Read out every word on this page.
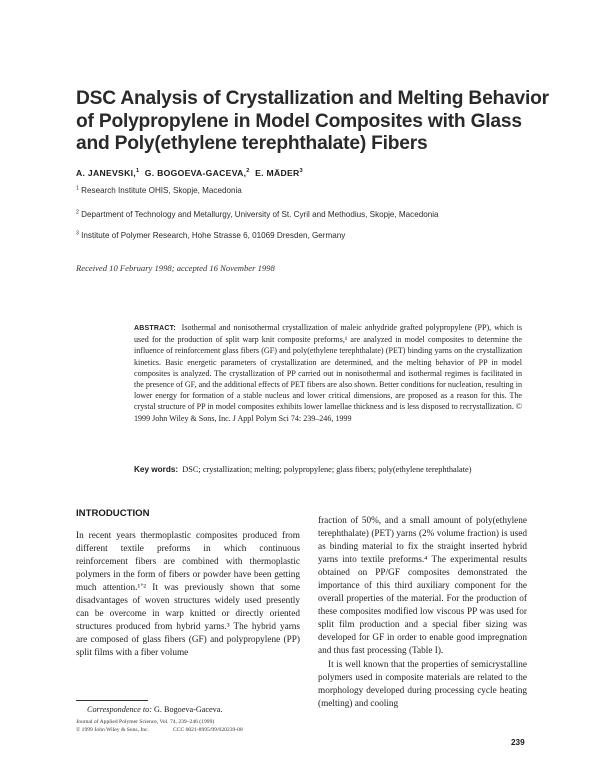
DSC Analysis of Crystallization and Melting Behavior of Polypropylene in Model Composites with Glass and Poly(ethylene terephthalate) Fibers
A. JANEVSKI,$^1$ G. BOGOEVA-GACEVA,$^2$ E. MÄDER$^3$
$^1$ Research Institute OHIS, Skopje, Macedonia
$^2$ Department of Technology and Metallurgy, University of St. Cyril and Methodius, Skopje, Macedonia
$^3$ Institute of Polymer Research, Hohe Strasse 6, 01069 Dresden, Germany
Received 10 February 1998; accepted 16 November 1998
ABSTRACT: Isothermal and nonisothermal crystallization of maleic anhydride grafted polypropylene (PP), which is used for the production of split warp knit composite preforms,¹ are analyzed in model composites to determine the influence of reinforcement glass fibers (GF) and poly(ethylene terephthalate) (PET) binding yarns on the crystallization kinetics. Basic energetic parameters of crystallization are determined, and the melting behavior of PP in model composites is analyzed. The crystallization of PP carried out in nonisothermal and isothermal regimes is facilitated in the presence of GF, and the additional effects of PET fibers are also shown. Better conditions for nucleation, resulting in lower energy for formation of a stable nucleus and lower critical dimensions, are proposed as a reason for this. The crystal structure of PP in model composites exhibits lower lamellae thickness and is less disposed to recrystallization. © 1999 John Wiley & Sons, Inc. J Appl Polym Sci 74: 239–246, 1999
Key words: DSC; crystallization; melting; polypropylene; glass fibers; poly(ethylene terephthalate)
INTRODUCTION
In recent years thermoplastic composites produced from different textile preforms in which continuous reinforcement fibers are combined with thermoplastic polymers in the form of fibers or powder have been getting much attention.¹ʼ² It was previously shown that some disadvantages of woven structures widely used presently can be overcome in warp knitted or directly oriented structures produced from hybrid yarns.³ The hybrid yarns are composed of glass fibers (GF) and polypropylene (PP) split films with a fiber volume

fraction of 50%, and a small amount of poly(ethylene terephthalate) (PET) yarns (2% volume fraction) is used as binding material to fix the straight inserted hybrid yarns into textile preforms.⁴ The experimental results obtained on PP/GF composites demonstrated the importance of this third auxiliary component for the overall properties of the material. For the production of these composites modified low viscous PP was used for split film production and a special fiber sizing was developed for GF in order to enable good impregnation and thus fast processing (Table I).

It is well known that the properties of semicrystalline polymers used in composite materials are related to the morphology developed during processing cycle heating (melting) and cooling

Correspondence to: G. Bogoeva-Gaceva.
Journal of Applied Polymer Science, Vol. 74, 239–246 (1999)
© 1999 John Wiley & Sons, Inc.	CCC 0021-8995/99/020239-08
239
